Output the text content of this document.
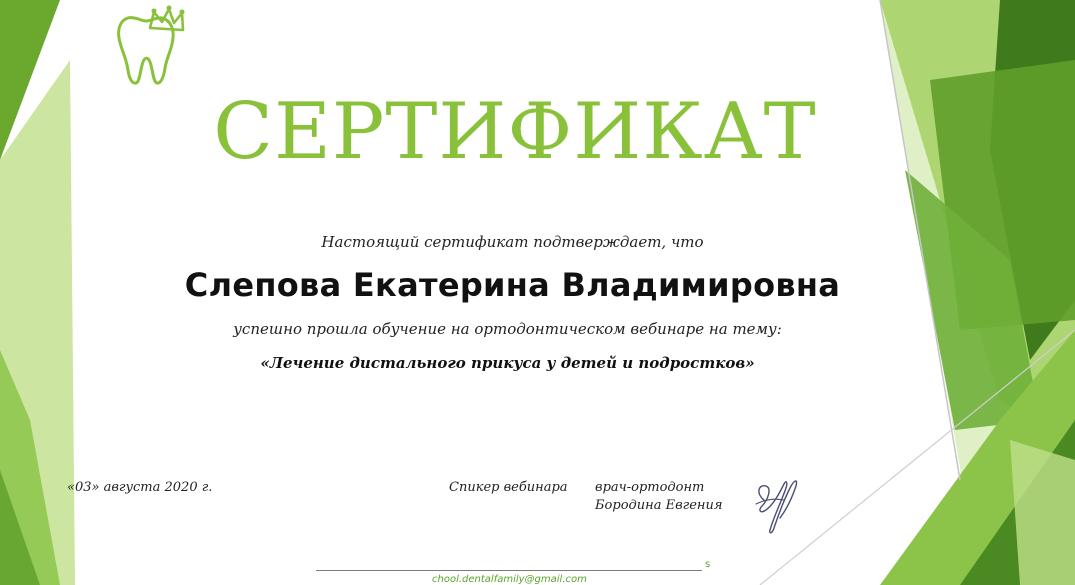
СЕРТИФИКАТ
Настоящий сертификат подтверждает, что
Слепова Екатерина Владимировна
успешно прошла обучение на ортодонтическом вебинаре на тему:
«Лечение дистального прикуса у детей и подростков»
«03» августа 2020 г.	Спикер вебинара врач-ортодонт
Бородина Евгения
s
chool.dentalfamily@gmail.com
